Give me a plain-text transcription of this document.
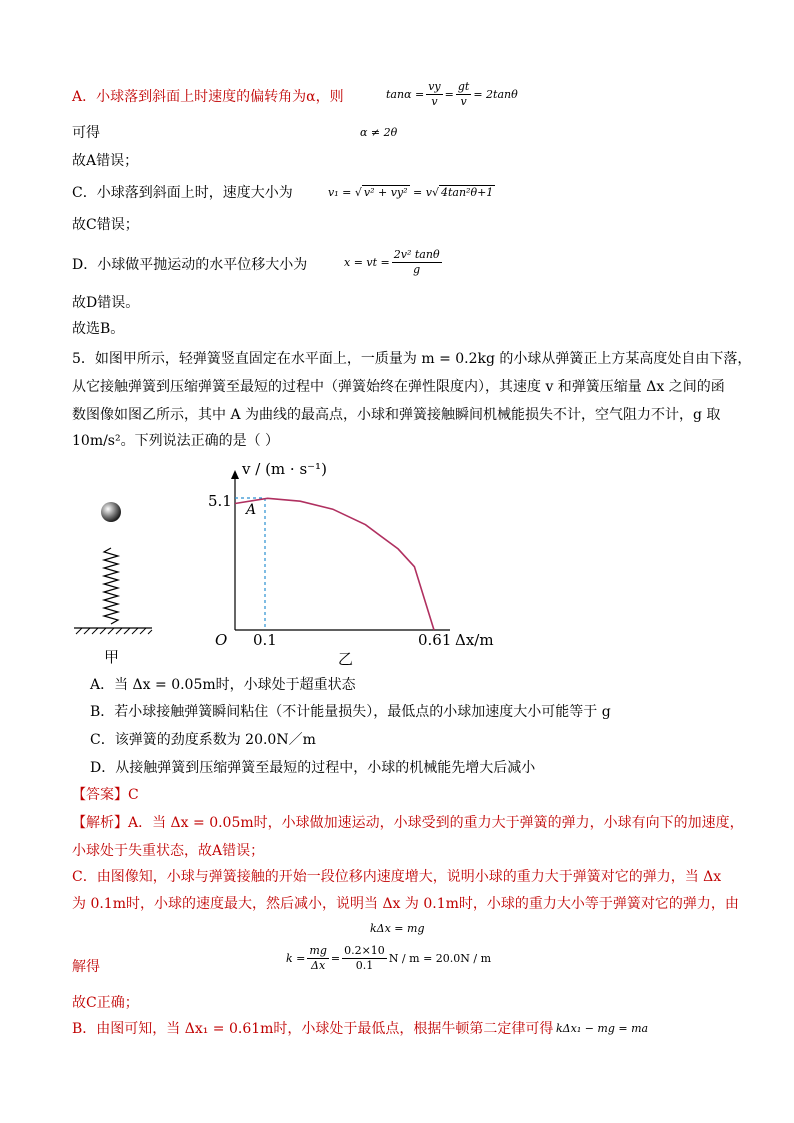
A．小球落到斜面上时速度的偏转角为α，则	$\tan\alpha = \frac{vy}{v} = \frac{gt}{v} = 2\tan\theta$
可得	α ≠ 2θ
故A错误；
C．小球落到斜面上时，速度大小为	v₁ = √ v² + vy² = v√ 4tan²θ+1
故C错误；
D．小球做平抛运动的水平位移大小为	x = vt = $\frac{\text{2v² tanθ}}{g}$
故D错误。
故选B。
5．如图甲所示，轻弹簧竖直固定在水平面上，一质量为 m = 0.2kg 的小球从弹簧正上方某高度处自由下落，
从它接触弹簧到压缩弹簧至最短的过程中（弹簧始终在弹性限度内），其速度 v 和弹簧压缩量 Δx 之间的函
数图像如图乙所示，其中 A 为曲线的最高点，小球和弹簧接触瞬间机械能损失不计，空气阻力不计，g 取
10m/s²。下列说法正确的是（ ）
甲
v / (m · s⁻¹)
O
5.1
0.1	0.61 Δx/m
A
乙
A．当 Δx = 0.05m时，小球处于超重状态
B．若小球接触弹簧瞬间粘住（不计能量损失），最低点的小球加速度大小可能等于 g
C．该弹簧的劲度系数为 20.0N／m
D．从接触弹簧到压缩弹簧至最短的过程中，小球的机械能先增大后减小
【答案】C
【解析】A．当 Δx = 0.05m时，小球做加速运动，小球受到的重力大于弹簧的弹力，小球有向下的加速度，
小球处于失重状态，故A错误；
C．由图像知，小球与弹簧接触的开始一段位移内速度增大，说明小球的重力大于弹簧对它的弹力，当 Δx
为 0.1m时，小球的速度最大，然后减小，说明当 Δx 为 0.1m时，小球的重力大小等于弹簧对它的弹力，由
kΔx = mg
解得
$k = \frac{mg}{\Delta x} = \frac{0.2\times 10}{0.1}$ N / m = 20.0N / m
故C正确；
B．由图可知，当 Δx₁ = 0.61m时，小球处于最低点，根据牛顿第二定律可得 kΔx₁ − mg = ma
